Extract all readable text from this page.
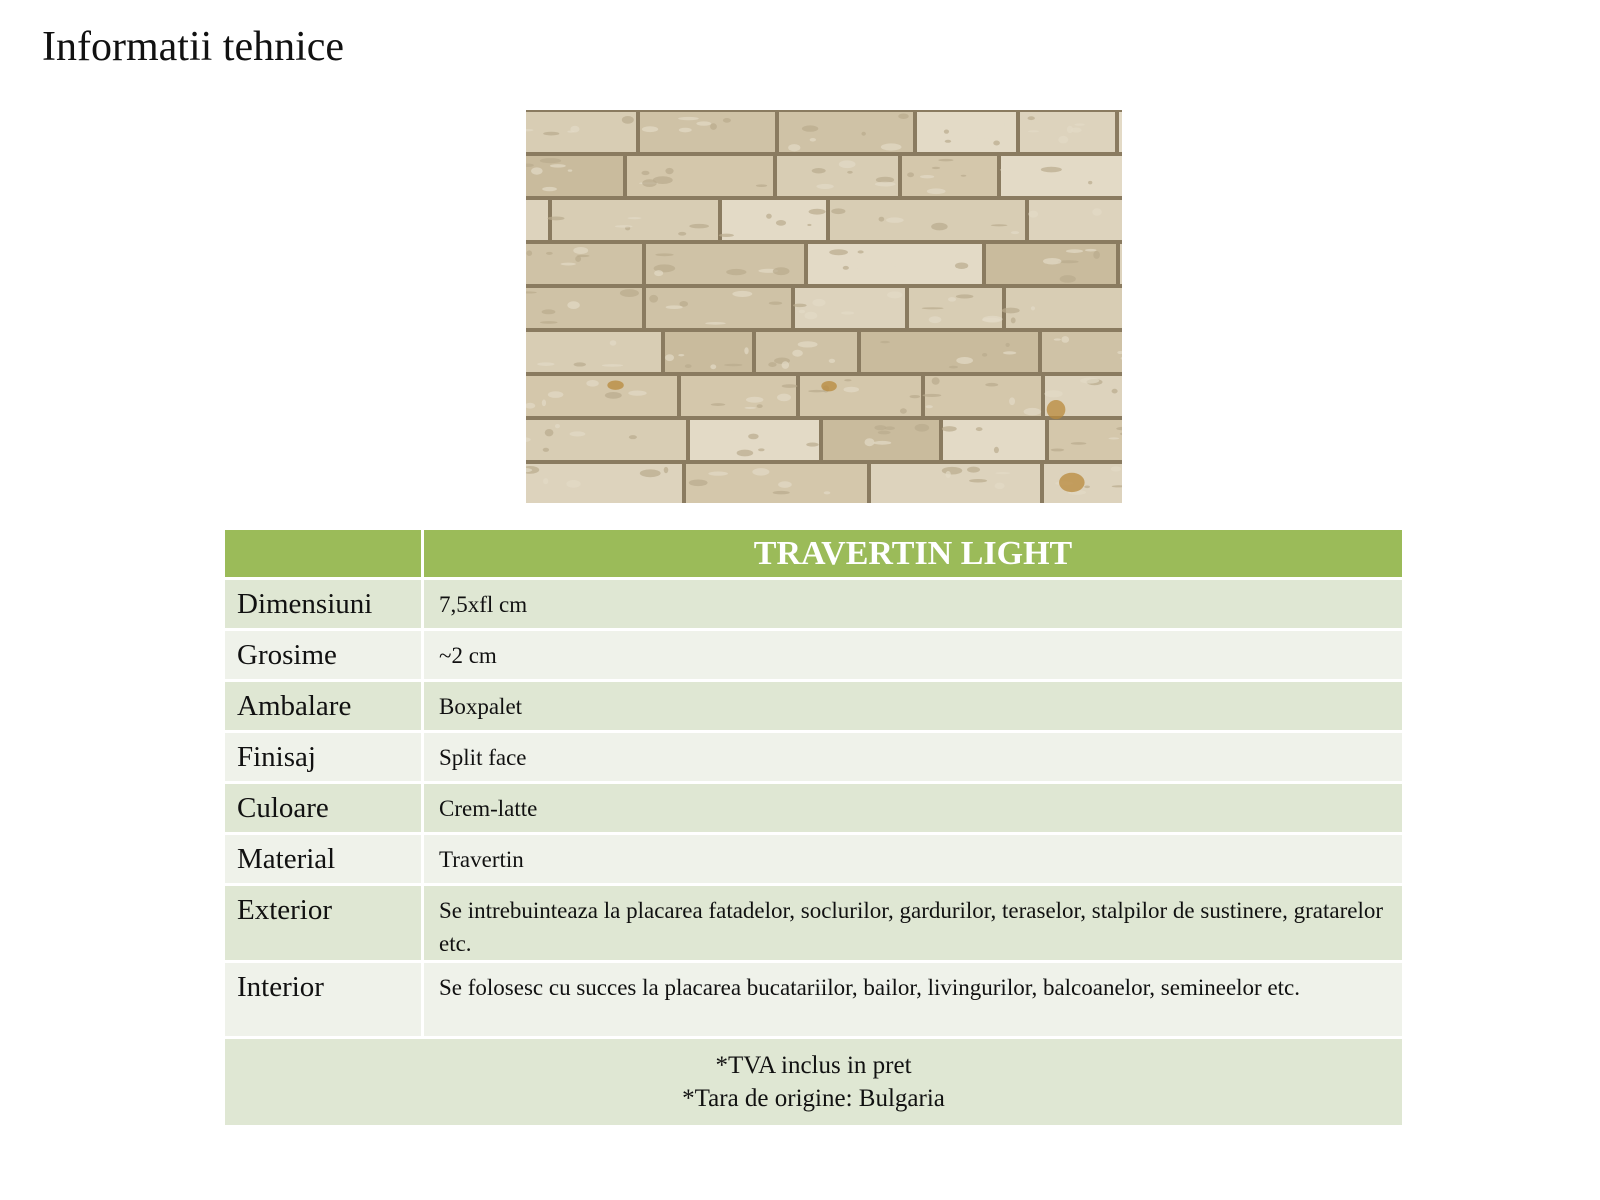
Informatii tehnice
	TRAVERTIN LIGHT
Dimensiuni	7,5xfl cm
Grosime	~2 cm
Ambalare	Boxpalet
Finisaj	Split face
Culoare	Crem-latte
Material	Travertin
Exterior	Se intrebuinteaza la placarea fatadelor, soclurilor, gardurilor, teraselor, stalpilor de sustinere, gratarelor etc.
Interior	Se folosesc cu succes la placarea bucatariilor, bailor, livingurilor, balcoanelor, semineelor etc.

*TVA inclus in pret
*Tara de origine: Bulgaria	
